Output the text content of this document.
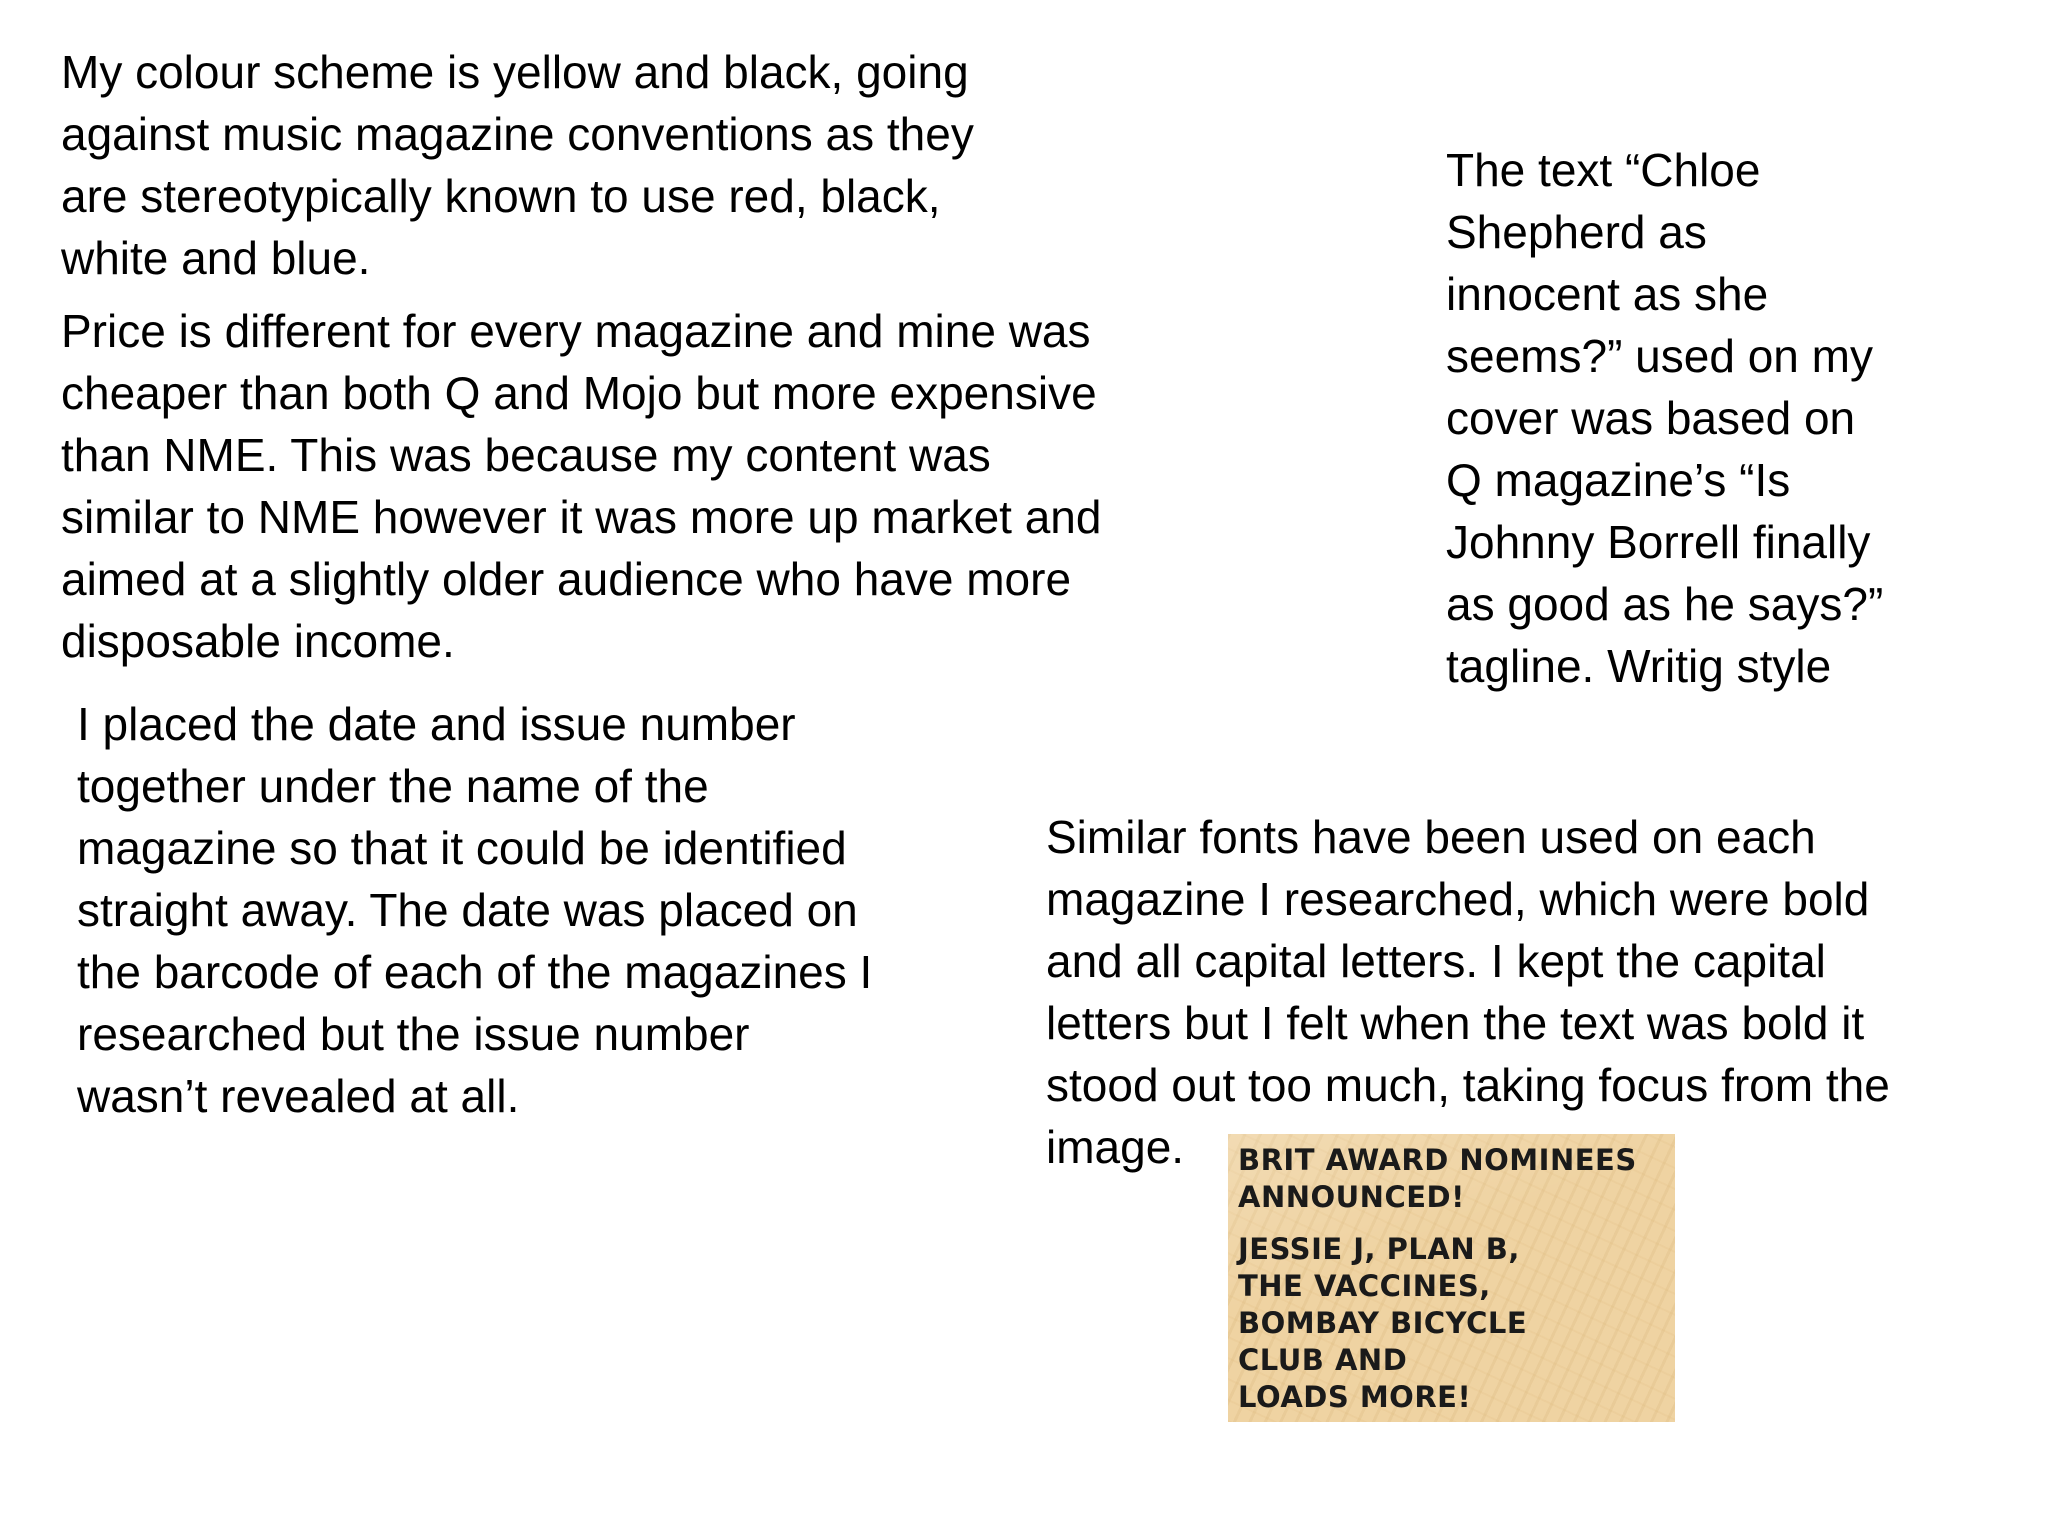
My colour scheme is yellow and black, going
against music magazine conventions as they
are stereotypically known to use red, black,
white and blue.

Price is different for every magazine and mine was
cheaper than both Q and Mojo but more expensive
than NME. This was because my content was
similar to NME however it was more up market and
aimed at a slightly older audience who have more
disposable income.

The text “Chloe
Shepherd as
innocent as she
seems?” used on my
cover was based on
Q magazine’s “Is
Johnny Borrell finally
as good as he says?”
tagline. Writig style

I placed the date and issue number
together under the name of the
magazine so that it could be identified
straight away. The date was placed on
the barcode of each of the magazines I
researched but the issue number
wasn’t revealed at all.

Similar fonts have been used on each
magazine I researched, which were bold
and all capital letters. I kept the capital
letters but I felt when the text was bold it
stood out too much, taking focus from the
image.	BRIT AWARD NOMINEES
ANNOUNCED!

JESSIE J, PLAN B,
THE VACCINES,
BOMBAY BICYCLE
CLUB AND
LOADS MORE!
